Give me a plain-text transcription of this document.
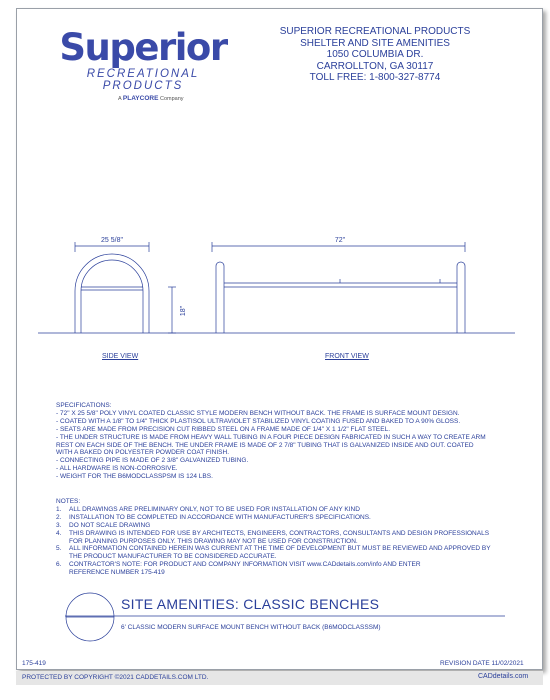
Superior
RECREATIONAL PRODUCTS
A PLAYCORE Company
SUPERIOR RECREATIONAL PRODUCTS
SHELTER AND SITE AMENITIES
1050 COLUMBIA DR.
CARROLLTON, GA 30117
TOLL FREE: 1-800-327-8774
25 5/8"
18"
72"
SIDE VIEW	FRONT VIEW
SPECIFICATIONS:
- 72" X 25 5/8" POLY VINYL COATED CLASSIC STYLE MODERN BENCH WITHOUT BACK. THE FRAME IS SURFACE MOUNT DESIGN.
- COATED WITH A 1/8" TO 1/4" THICK PLASTISOL ULTRAVIOLET STABILIZED VINYL COATING FUSED AND BAKED TO A 90% GLOSS.
- SEATS ARE MADE FROM PRECISION CUT RIBBED STEEL ON A FRAME MADE OF 1/4" X 1 1/2" FLAT STEEL.
- THE UNDER STRUCTURE IS MADE FROM HEAVY WALL TUBING IN A FOUR PIECE DESIGN FABRICATED IN SUCH A WAY TO CREATE ARM
REST ON EACH SIDE OF THE BENCH. THE UNDER FRAME IS MADE OF 2 7/8" TUBING THAT IS GALVANIZED INSIDE AND OUT. COATED
WITH A BAKED ON POLYESTER POWDER COAT FINISH.
- CONNECTING PIPE IS MADE OF 2 3/8" GALVANIZED TUBING.
- ALL HARDWARE IS NON-CORROSIVE.
- WEIGHT FOR THE B6MODCLASSPSM IS 124 LBS.
NOTES:
1.	ALL DRAWINGS ARE PRELIMINARY ONLY, NOT TO BE USED FOR INSTALLATION OF ANY KIND
2.	INSTALLATION TO BE COMPLETED IN ACCORDANCE WITH MANUFACTURER'S SPECIFICATIONS.
3.	DO NOT SCALE DRAWING
4.	THIS DRAWING IS INTENDED FOR USE BY ARCHITECTS, ENGINEERS, CONTRACTORS, CONSULTANTS AND DESIGN PROFESSIONALS
FOR PLANNING PURPOSES ONLY. THIS DRAWING MAY NOT BE USED FOR CONSTRUCTION.
5.	ALL INFORMATION CONTAINED HEREIN WAS CURRENT AT THE TIME OF DEVELOPMENT BUT MUST BE REVIEWED AND APPROVED BY
THE PRODUCT MANUFACTURER TO BE CONSIDERED ACCURATE.
6.	CONTRACTOR'S NOTE: FOR PRODUCT AND COMPANY INFORMATION VISIT www.CADdetails.com/info AND ENTER
REFERENCE NUMBER 175-419
SITE AMENITIES: CLASSIC BENCHES
6' CLASSIC MODERN SURFACE MOUNT BENCH WITHOUT BACK (B6MODCLASSSM)
175-419	REVISION DATE 11/02/2021
PROTECTED BY COPYRIGHT ©2021 CADDETAILS.COM LTD.	CADdetails.com
